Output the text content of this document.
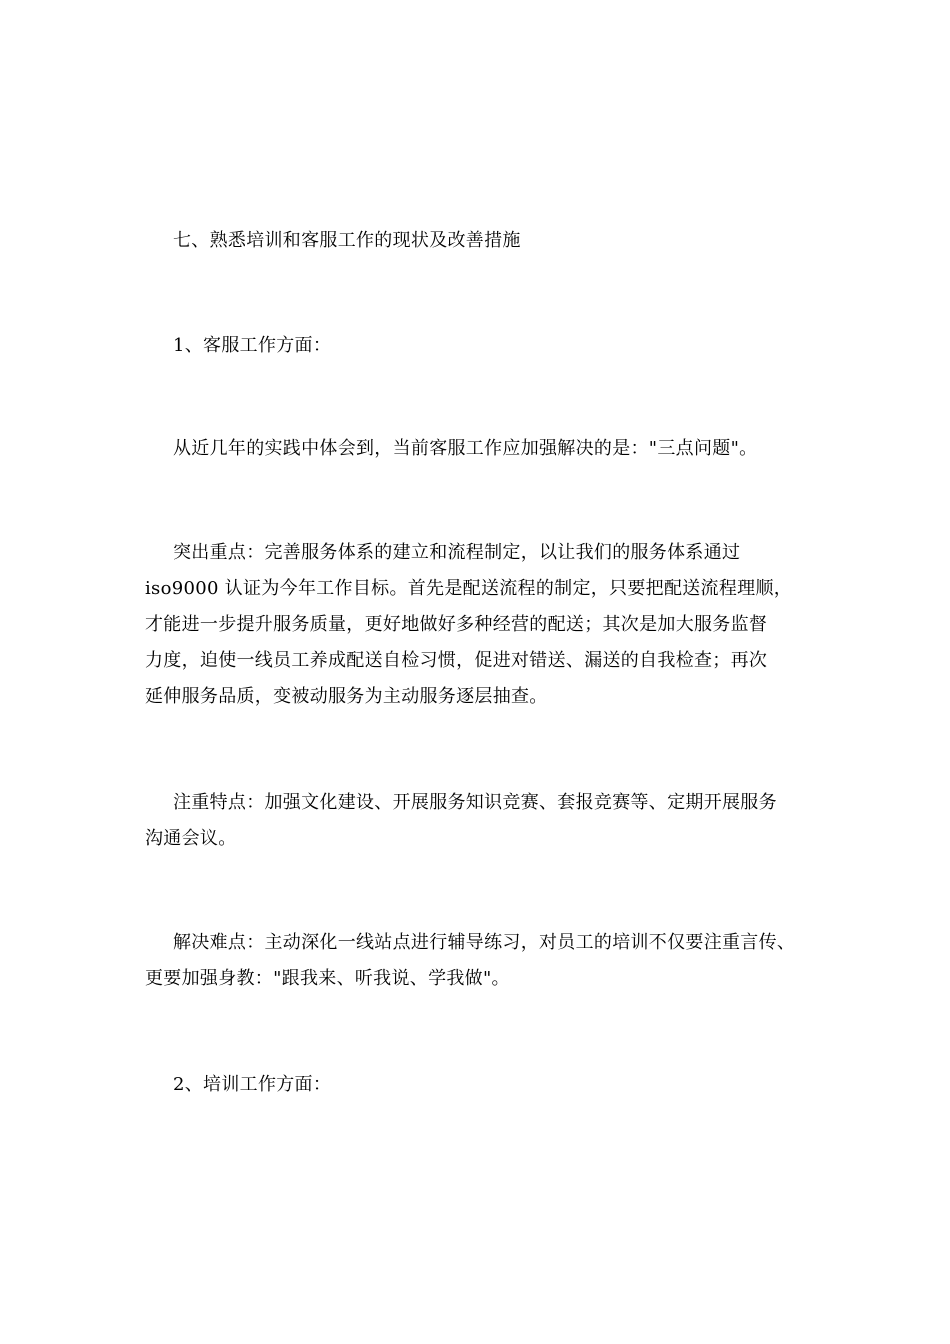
七、熟悉培训和客服工作的现状及改善措施
1、客服工作方面：
从近几年的实践中体会到，当前客服工作应加强解决的是："三点问题"。
突出重点：完善服务体系的建立和流程制定，以让我们的服务体系通过
iso9000 认证为今年工作目标。首先是配送流程的制定，只要把配送流程理顺，
才能进一步提升服务质量，更好地做好多种经营的配送；其次是加大服务监督
力度，迫使一线员工养成配送自检习惯，促进对错送、漏送的自我检查；再次
延伸服务品质，变被动服务为主动服务逐层抽查。
注重特点：加强文化建设、开展服务知识竞赛、套报竞赛等、定期开展服务
沟通会议。
解决难点：主动深化一线站点进行辅导练习，对员工的培训不仅要注重言传、
更要加强身教："跟我来、听我说、学我做"。
2、培训工作方面：
